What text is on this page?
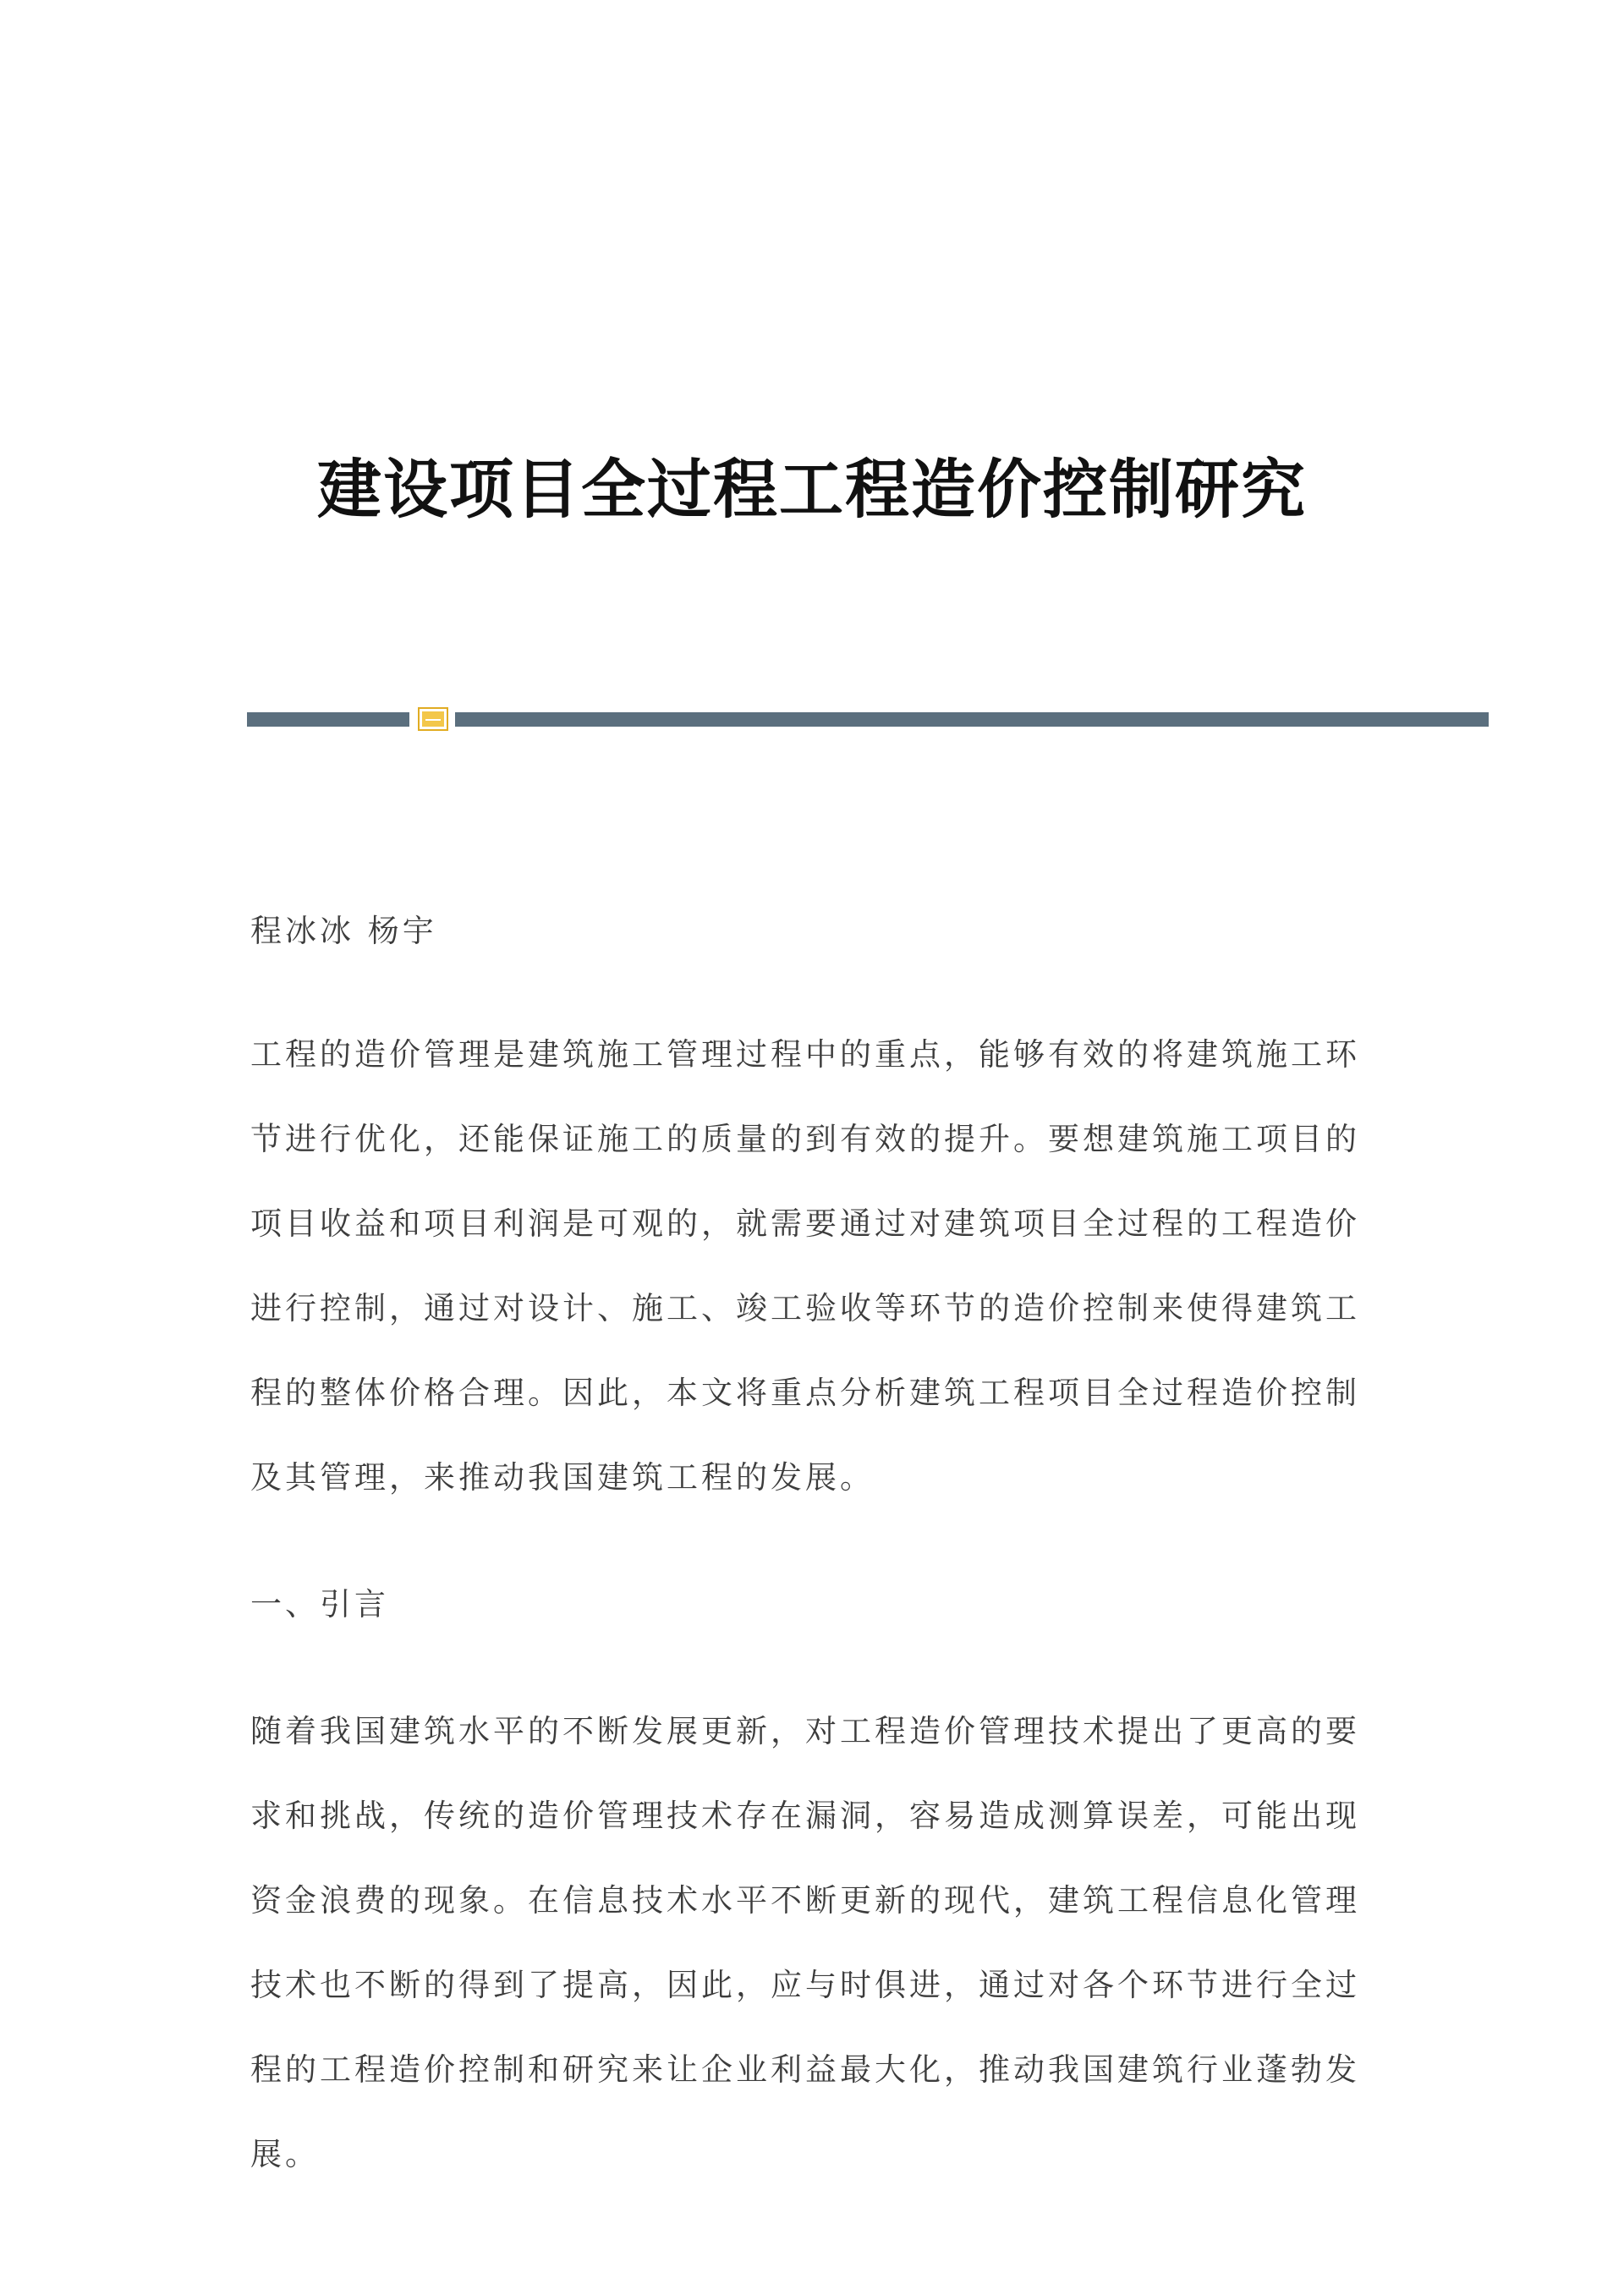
建设项目全过程工程造价控制研究

程冰冰 杨宇

工程的造价管理是建筑施工管理过程中的重点，能够有效的将建筑施工环节进行优化，还能保证施工的质量的到有效的提升。要想建筑施工项目的项目收益和项目利润是可观的，就需要通过对建筑项目全过程的工程造价进行控制，通过对设计、施工、竣工验收等环节的造价控制来使得建筑工程的整体价格合理。因此，本文将重点分析建筑工程项目全过程造价控制及其管理，来推动我国建筑工程的发展。

一、引言

随着我国建筑水平的不断发展更新，对工程造价管理技术提出了更高的要求和挑战，传统的造价管理技术存在漏洞，容易造成测算误差，可能出现资金浪费的现象。在信息技术水平不断更新的现代，建筑工程信息化管理技术也不断的得到了提高，因此，应与时俱进，通过对各个环节进行全过程的工程造价控制和研究来让企业利益最大化，推动我国建筑行业蓬勃发展。
